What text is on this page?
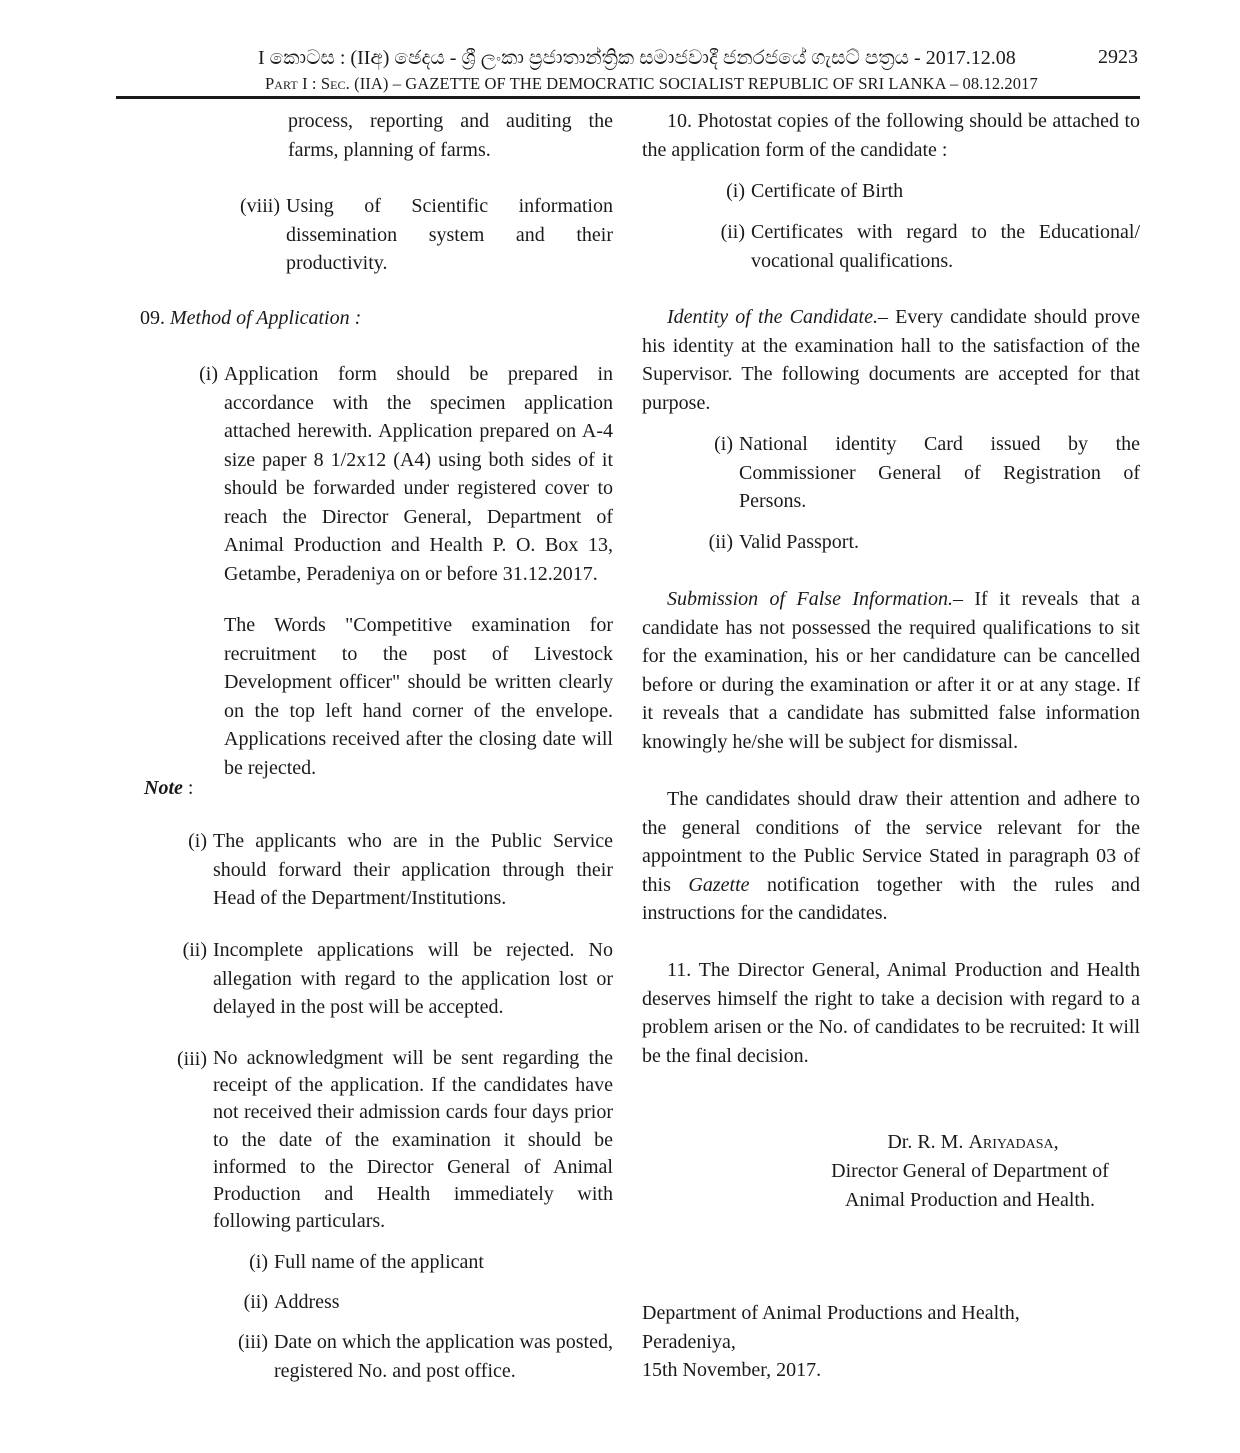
I කොටස : (IIඅ) ඡෙදය - ශ්‍රී ලංකා ප්‍රජාතාන්ත්‍රික සමාජවාදී ජනරජයේ ගැසට් පත්‍රය - 2017.12.08	2923
Part I : Sec. (IIA) – GAZETTE OF THE DEMOCRATIC SOCIALIST REPUBLIC OF SRI LANKA – 08.12.2017
process, reporting and auditing the farms, planning of farms.
(viii) Using of Scientific information dissemination system and their productivity.
09. Method of Application :
(i) Application form should be prepared in accordance with the specimen application attached herewith. Application prepared on A-4 size paper 8 1/2x12 (A4) using both sides of it should be forwarded under registered cover to reach the Director General, Department of Animal Production and Health P. O. Box 13, Getambe, Peradeniya on or before 31.12.2017.
The Words "Competitive examination for recruitment to the post of Livestock Development officer" should be written clearly on the top left hand corner of the envelope. Applications received after the closing date will be rejected.
Note :
(i) The applicants who are in the Public Service should forward their application through their Head of the Department/Institutions.
(ii) Incomplete applications will be rejected. No allegation with regard to the application lost or delayed in the post will be accepted.
(iii) No acknowledgment will be sent regarding the receipt of the application. If the candidates have not received their admission cards four days prior to the date of the examination it should be informed to the Director General of Animal Production and Health immediately with following particulars.
(i) Full name of the applicant
(ii) Address
(iii) Date on which the application was posted, registered No. and post office.
10. Photostat copies of the following should be attached to the application form of the candidate :
(i) Certificate of Birth
(ii) Certificates with regard to the Educational/ vocational qualifications.
Identity of the Candidate.– Every candidate should prove his identity at the examination hall to the satisfaction of the Supervisor. The following documents are accepted for that purpose.
(i) National identity Card issued by the Commissioner General of Registration of Persons.
(ii) Valid Passport.
Submission of False Information.– If it reveals that a candidate has not possessed the required qualifications to sit for the examination, his or her candidature can be cancelled before or during the examination or after it or at any stage. If it reveals that a candidate has submitted false information knowingly he/she will be subject for dismissal.
The candidates should draw their attention and adhere to the general conditions of the service relevant for the appointment to the Public Service Stated in paragraph 03 of this Gazette notification together with the rules and instructions for the candidates.
11. The Director General, Animal Production and Health deserves himself the right to take a decision with regard to a problem arisen or the No. of candidates to be recruited: It will be the final decision.
Dr. R. M. Ariyadasa,
Director General of Department of
Animal Production and Health.
Department of Animal Productions and Health,
Peradeniya,
15th November, 2017.
